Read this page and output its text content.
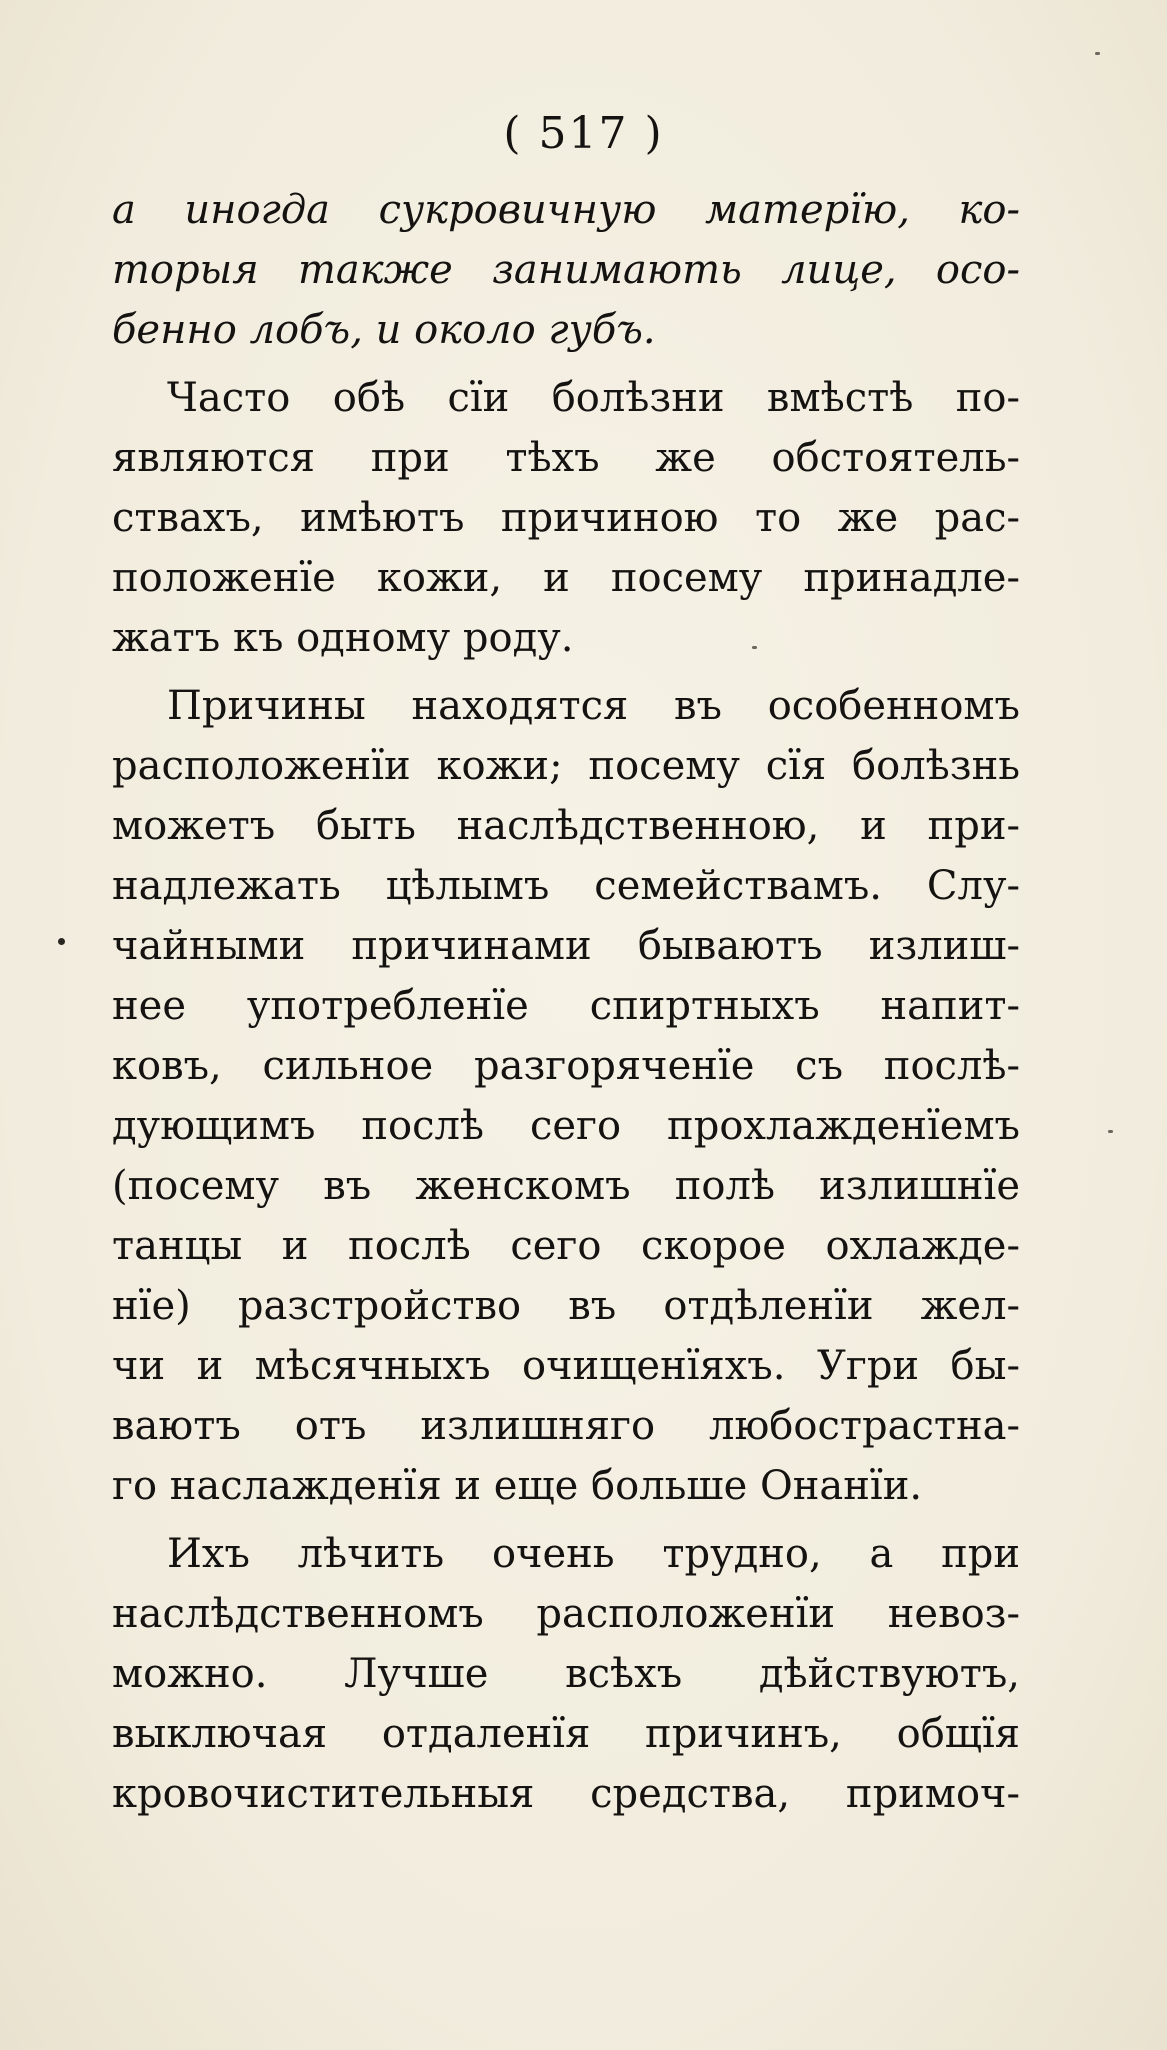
( 517 )
а иногда сукровичную матерїю, ко-
торыя также занимають лице, осо-
бенно лобъ, и около губъ.
Часто обѣ сїи болѣзни вмѣстѣ по-
являются при тѣхъ же обстоятель-
ствахъ, имѣютъ причиною то же рас-
положенїе кожи, и посему принадле-
жатъ къ одному роду.
Причины находятся въ особенномъ
расположенїи кожи; посему сїя болѣзнь
можетъ быть наслѣдственною, и при-
надлежать цѣлымъ семействамъ. Слу-
чайными причинами бываютъ излиш-
нее употребленїе спиртныхъ напит-
ковъ, сильное разгоряченїе съ послѣ-
дующимъ послѣ сего прохлажденїемъ
(посему въ женскомъ полѣ излишнїе
танцы и послѣ сего скорое охлажде-
нїе) разстройство въ отдѣленїи жел-
чи и мѣсячныхъ очищенїяхъ. Угри бы-
ваютъ отъ излишняго любострастна-
го наслажденїя и еще больше Онанїи.
Ихъ лѣчить очень трудно, а при
наслѣдственномъ расположенїи невоз-
можно. Лучше всѣхъ дѣйствуютъ,
выключая отдаленїя причинъ, общїя
кровочистительныя средства, примоч-
